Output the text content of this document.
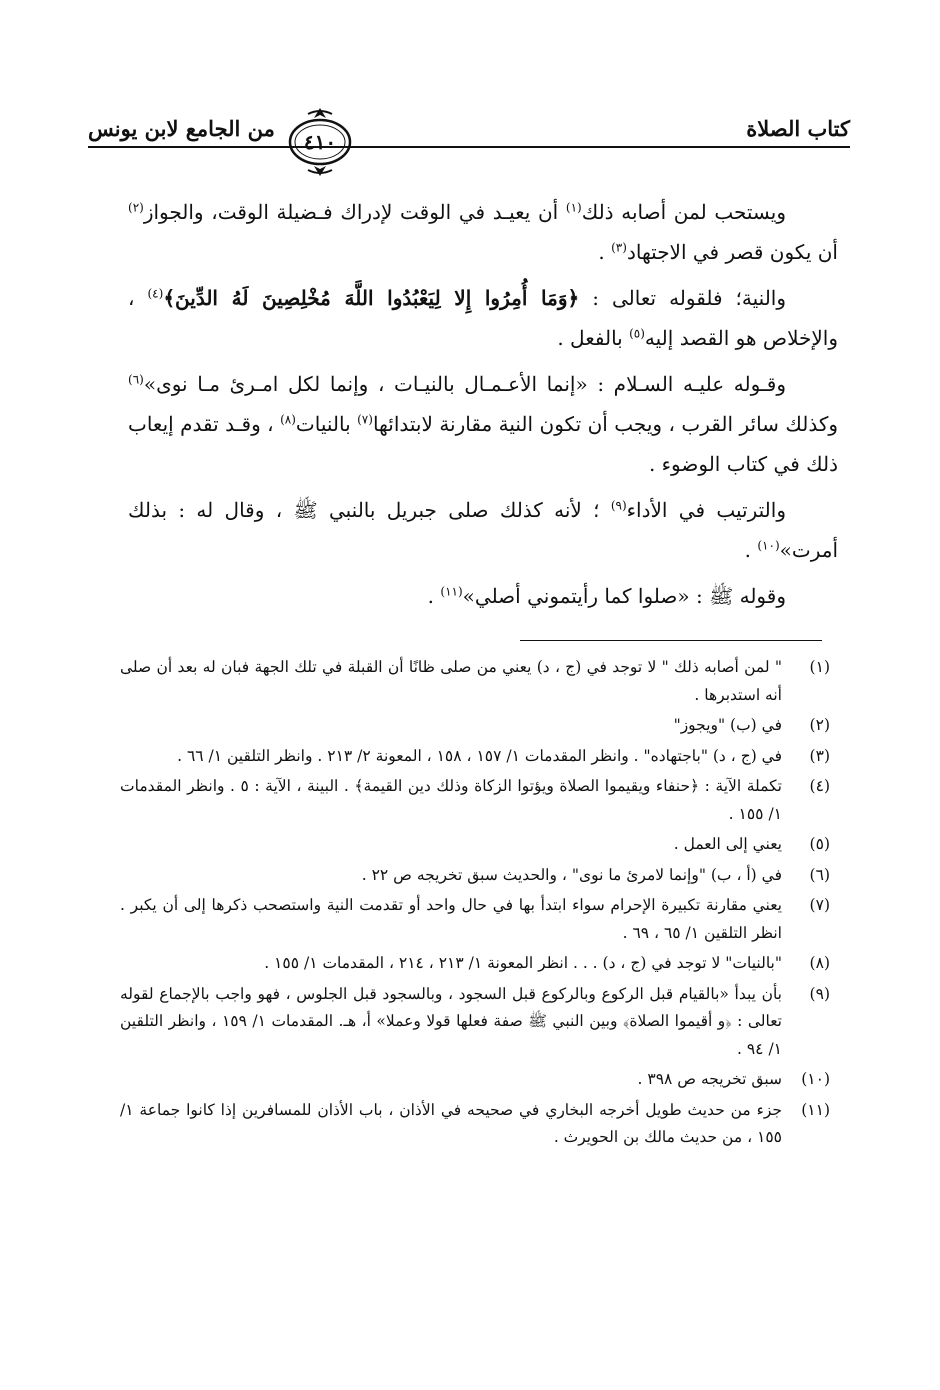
كتاب الصلاة
من الجامع لابن يونس
٤١٠

ويستحب لمن أصابه ذلك$^{(١)}$ أن يعيـد في الوقت لإدراك فـضيلة الوقت، والجواز$^{(٢)}$ أن يكون قصر في الاجتهاد$^{(٣)}$ .

والنية؛ فلقوله تعالى : ﴿وَمَا أُمِرُوا إِلا لِيَعْبُدُوا اللَّهَ مُخْلِصِينَ لَهُ الدِّينَ﴾$^{(٤)}$ ، والإخلاص هو القصد إليه$^{(٥)}$ بالفعل .

وقـوله عليـه السـلام : «إنما الأعـمـال بالنيـات ، وإنما لكل امـرئ مـا نوى»$^{(٦)}$ وكذلك سائر القرب ، ويجب أن تكون النية مقارنة لابتدائها$^{(٧)}$ بالنيات$^{(٨)}$ ، وقـد تقدم إيعاب ذلك في كتاب الوضوء .

والترتيب في الأداء$^{(٩)}$ ؛ لأنه كذلك صلى جبريل بالنبي ﷺ ، وقال له : بذلك أمرت»$^{(١٠)}$ .

وقوله ﷺ : «صلوا كما رأيتموني أصلي»$^{(١١)}$ .

(١)
" لمن أصابه ذلك " لا توجد في (ج ، د) يعني من صلى ظانًا أن القبلة في تلك الجهة فبان له بعد أن صلى أنه استدبرها .
(٢)
في (ب) "ويجوز"
(٣)
في (ج ، د) "باجتهاده" . وانظر المقدمات ١/ ١٥٧ ، ١٥٨ ، المعونة ٢/ ٢١٣ . وانظر التلقين ١/ ٦٦ .
(٤)
تكملة الآية : ﴿حنفاء ويقيموا الصلاة ويؤتوا الزكاة وذلك دين القيمة﴾ . البينة ، الآية : ٥ . وانظر المقدمات ١/ ١٥٥ .
(٥)
يعني إلى العمل .
(٦)
في (أ ، ب) "وإنما لامرئ ما نوى" ، والحديث سبق تخريجه ص ٢٢ .
(٧)
يعني مقارنة تكبيرة الإحرام سواء ابتدأ بها في حال واحد أو تقدمت النية واستصحب ذكرها إلى أن يكبر . انظر التلقين ١/ ٦٥ ، ٦٩ .
(٨)
"بالنيات" لا توجد في (ج ، د) . . . انظر المعونة ١/ ٢١٣ ، ٢١٤ ، المقدمات ١/ ١٥٥ .
(٩)
بأن يبدأ «بالقيام قبل الركوع وبالركوع قبل السجود ، وبالسجود قبل الجلوس ، فهو واجب بالإجماع لقوله تعالى : ﴿و أقيموا الصلاة﴾ وبين النبي ﷺ صفة فعلها قولا وعملا» أ، هـ. المقدمات ١/ ١٥٩ ، وانظر التلقين ١/ ٩٤ .
(١٠)
سبق تخريجه ص ٣٩٨ .
(١١)
جزء من حديث طويل أخرجه البخاري في صحيحه في الأذان ، باب الأذان للمسافرين إذا كانوا جماعة ١/ ١٥٥ ، من حديث مالك بن الحويرث .
